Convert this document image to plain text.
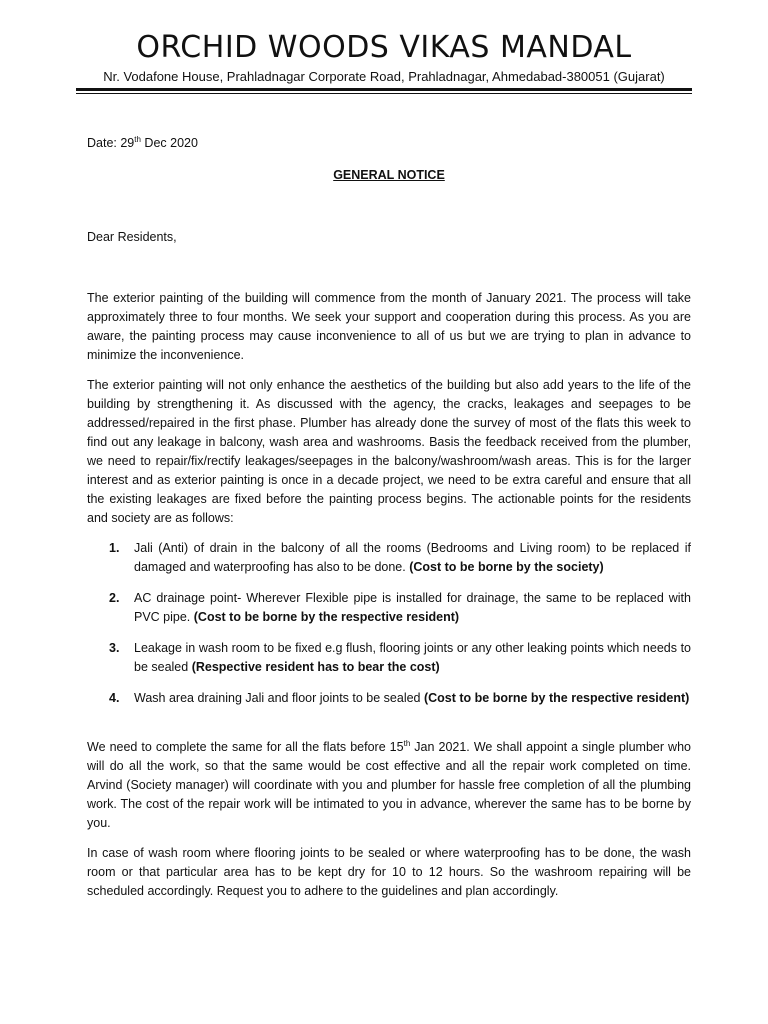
ORCHID WOODS VIKAS MANDAL
Nr. Vodafone House, Prahladnagar Corporate Road, Prahladnagar, Ahmedabad-380051 (Gujarat)
Date: 29th Dec 2020
GENERAL NOTICE
Dear Residents,

The exterior painting of the building will commence from the month of January 2021. The process will take approximately three to four months. We seek your support and cooperation during this process. As you are aware, the painting process may cause inconvenience to all of us but we are trying to plan in advance to minimize the inconvenience.

The exterior painting will not only enhance the aesthetics of the building but also add years to the life of the building by strengthening it. As discussed with the agency, the cracks, leakages and seepages to be addressed/repaired in the first phase. Plumber has already done the survey of most of the flats this week to find out any leakage in balcony, wash area and washrooms. Basis the feedback received from the plumber, we need to repair/fix/rectify leakages/seepages in the balcony/washroom/wash areas. This is for the larger interest and as exterior painting is once in a decade project, we need to be extra careful and ensure that all the existing leakages are fixed before the painting process begins. The actionable points for the residents and society are as follows:

1. Jali (Anti) of drain in the balcony of all the rooms (Bedrooms and Living room) to be replaced if damaged and waterproofing has also to be done. (Cost to be borne by the society)
2. AC drainage point- Wherever Flexible pipe is installed for drainage, the same to be replaced with PVC pipe. (Cost to be borne by the respective resident)
3. Leakage in wash room to be fixed e.g flush, flooring joints or any other leaking points which needs to be sealed (Respective resident has to bear the cost)
4. Wash area draining Jali and floor joints to be sealed (Cost to be borne by the respective resident)

We need to complete the same for all the flats before 15th Jan 2021. We shall appoint a single plumber who will do all the work, so that the same would be cost effective and all the repair work completed on time. Arvind (Society manager) will coordinate with you and plumber for hassle free completion of all the plumbing work. The cost of the repair work will be intimated to you in advance, wherever the same has to be borne by you.

In case of wash room where flooring joints to be sealed or where waterproofing has to be done, the wash room or that particular area has to be kept dry for 10 to 12 hours. So the washroom repairing will be scheduled accordingly. Request you to adhere to the guidelines and plan accordingly.
